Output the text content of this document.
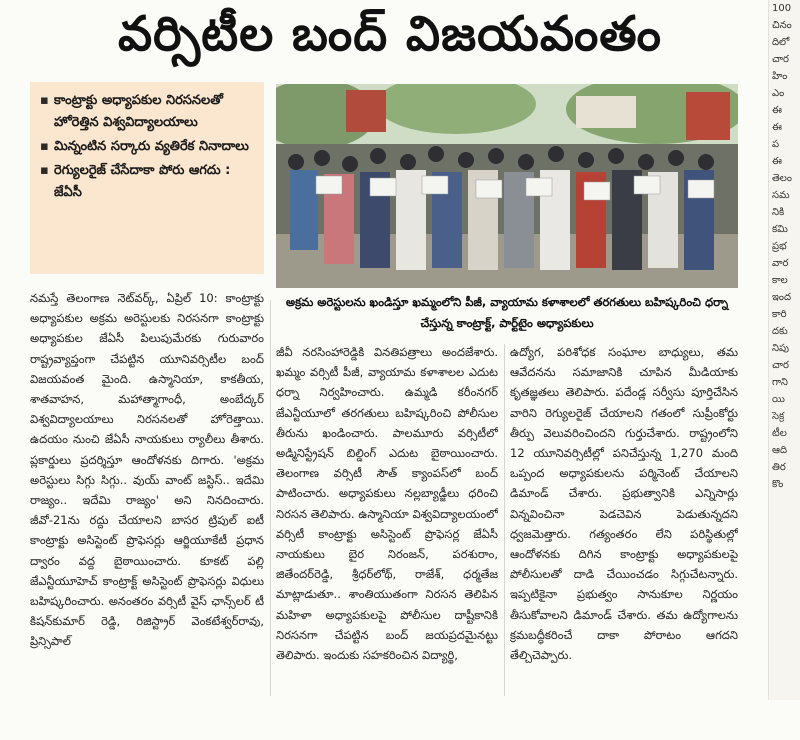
వర్సిటీల బంద్ విజయవంతం
▪ కాంట్రాక్టు అధ్యాపకుల నిరసనలతో హోరెత్తిన విశ్వవిద్యాలయాలు
▪ మిన్నంటిన సర్కారు వ్యతిరేక నినాదాలు
▪ రెగ్యులరైజ్ చేసేదాకా పోరు ఆగదు : జేఏసీ
అక్రమ అరెస్టులను ఖండిస్తూ ఖమ్మంలోని పీజీ, వ్యాయామ కళాశాలలో తరగతులు బహిష్కరించి ధర్నా చేస్తున్న కాంట్రాక్ట్, పార్ట్‌టైం అధ్యాపకులు
నమస్తే తెలంగాణ నెట్‌వర్క్‌, ఏప్రిల్‌ 10: కాంట్రాక్టు అధ్యాపకుల అక్రమ అరెస్టులకు నిరసనగా కాంట్రాక్టు అధ్యాపకుల జేఏసీ పిలుపుమేరకు గురువారం రాష్ట్రవ్యాప్తంగా చేపట్టిన యూనివర్సిటీల బంద్‌ విజయవంత మైంది. ఉస్మానియా, కాకతీయ, శాతవాహన, మహాత్మాగాంధీ, అంబేద్కర్‌ విశ్వవిద్యాలయాలు నిరసనలతో హోరెత్తాయి. ఉదయం నుంచి జేఏసీ నాయకులు ర్యాలీలు తీశారు. ప్లకార్డులు ప్రదర్శిస్తూ ఆందోళనకు దిగారు. 'అక్రమ అరెస్టులు సిగ్గు సిగ్గు.. వుయ్‌ వాంట్‌ జస్టిస్‌.. ఇదేమి రాజ్యం.. ఇదేమి రాజ్యం' అని నినదించారు. జీవో-21ను రద్దు చేయాలని బాసర ట్రిపుల్‌ ఐటీ కాంట్రాక్టు అసిస్టెంట్‌ ప్రొఫెసర్లు ఆర్జియూకేటీ ప్రధాన ద్వారం వద్ద బైఠాయించారు. కూకట్‌ పల్లి జేఎన్టీయూహెచ్‌ కాంట్రాక్ట్‌ అసిస్టెంట్‌ ప్రొఫెసర్లు విధులు బహిష్కరించారు. అనంతరం వర్సిటీ వైస్‌ ఛాన్స్‌లర్‌ టీ కిషన్‌కుమార్‌ రెడ్డి, రిజిస్ట్రార్‌ వెంకటేశ్వర్‌రావు, ప్రిన్సిపాల్‌
జీవీ నరసింహారెడ్డికి వినతిపత్రాలు అందజేశారు. ఖమ్మం వర్సిటీ పీజీ, వ్యాయామ కళాశాలల ఎదుట ధర్నా నిర్వహించారు. ఉమ్మడి కరీంనగర్‌ జేఎన్టీయూలో తరగతులు బహిష్కరించి పోలీసుల తీరును ఖండించారు. పాలమూరు వర్సిటీలో అడ్మినిస్ట్రేషన్‌ బిల్డింగ్‌ ఎదుట బైఠాయించారు. తెలంగాణ వర్సిటీ సౌత్‌ క్యాంపస్‌లో బంద్‌ పాటించారు. అధ్యాపకులు నల్లబ్యాడ్జీలు ధరించి నిరసన తెలిపారు. ఉస్మానియా విశ్వవిద్యాలయంలో వర్సిటీ కాంట్రాక్టు అసిస్టెంట్‌ ప్రొఫెసర్ల జేఏసీ నాయకులు బైర నిరంజన్‌, పరశురాం, జితేందర్‌రెడ్డి, శ్రీధర్‌లోథ్‌, రాజేశ్‌, ధర్మతేజ మాట్లాడుతూ.. శాంతియుతంగా నిరసన తెలిపిన మహిళా అధ్యాపకులపై పోలీసుల దాష్టీకానికి నిరసనగా చేపట్టిన బంద్‌ జయప్రదమైనట్టు తెలిపారు. ఇందుకు సహకరించిన విద్యార్థి,
ఉద్యోగ, పరిశోధక సంఘాల బాధ్యులు, తమ ఆవేదనను సమాజానికి చూపిన మీడియాకు కృతజ్ఞతలు తెలిపారు. పదేండ్ల సర్వీసు పూర్తిచేసిన వారిని రెగ్యులరైజ్‌ చేయాలని గతంలో సుప్రీంకోర్టు తీర్పు వెలువరించిందని గుర్తుచేశారు. రాష్ట్రంలోని 12 యూనివర్సిటీల్లో పనిచేస్తున్న 1,270 మంది ఒప్పంద అధ్యాపకులను పర్మినెంట్‌ చేయాలని డిమాండ్‌ చేశారు. ప్రభుత్వానికి ఎన్నిసార్లు విన్నవించినా పెడచెవిన పెడుతున్నదని ధ్వజమెత్తారు. గత్యంతరం లేని పరిస్థితుల్లో ఆందోళనకు దిగిన కాంట్రాక్టు అధ్యాపకులపై పోలీసులతో దాడి చేయించడం సిగ్గుచేటన్నారు. ఇప్పటికైనా ప్రభుత్వం సానుకూల నిర్ణయం తీసుకోవాలని డిమాండ్‌ చేశారు. తమ ఉద్యోగాలను క్రమబద్ధీకరించే దాకా పోరాటం ఆగదని తేల్చిచెప్పారు.
100
చినం
దిలో
చార
హిం
ఎం
ఈ
ఈ
ప
ఈ
తెలం
సమ
నికి
కమి
ప్రభ
వార
కాల
ఇంద
కారి
దకు
నిపు
చార
గాని
యి
సెక్ర
టీల
ఆది
తిర
కొం
